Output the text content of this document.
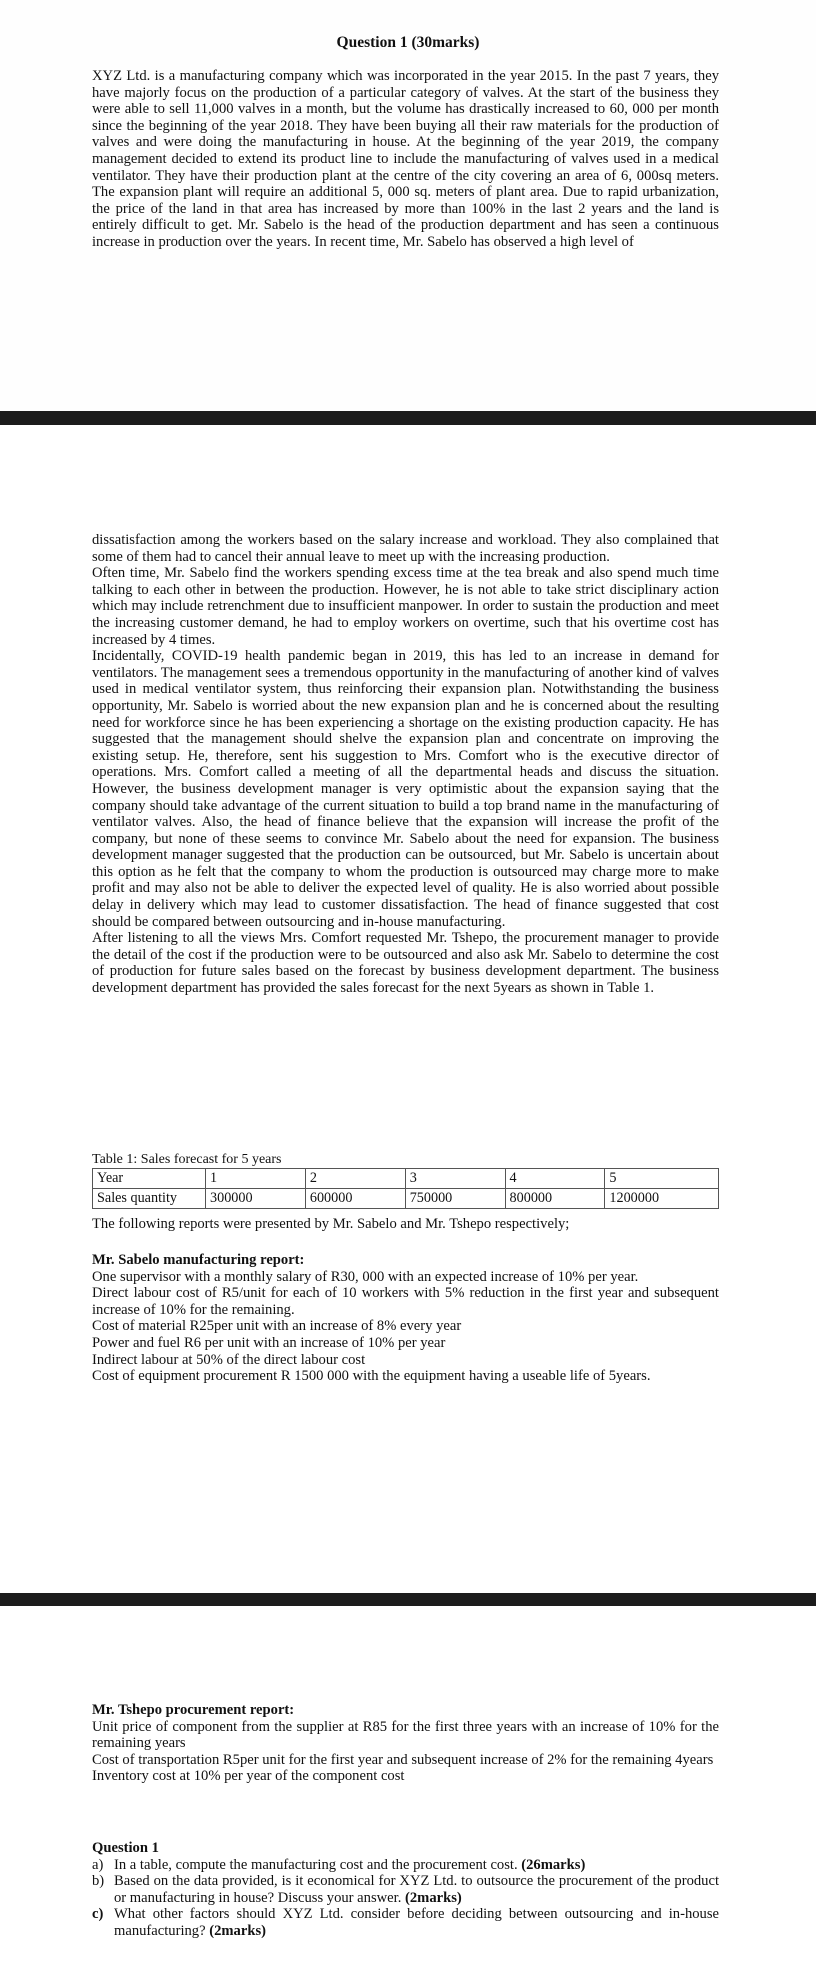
Question 1 (30marks)

XYZ Ltd. is a manufacturing company which was incorporated in the year 2015. In the past 7 years, they have majorly focus on the production of a particular category of valves. At the start of the business they were able to sell 11,000 valves in a month, but the volume has drastically increased to 60, 000 per month since the beginning of the year 2018. They have been buying all their raw materials for the production of valves and were doing the manufacturing in house. At the beginning of the year 2019, the company management decided to extend its product line to include the manufacturing of valves used in a medical ventilator. They have their production plant at the centre of the city covering an area of 6, 000sq meters. The expansion plant will require an additional 5, 000 sq. meters of plant area. Due to rapid urbanization, the price of the land in that area has increased by more than 100% in the last 2 years and the land is entirely difficult to get. Mr. Sabelo is the head of the production department and has seen a continuous increase in production over the years. In recent time, Mr. Sabelo has observed a high level of

dissatisfaction among the workers based on the salary increase and workload. They also complained that some of them had to cancel their annual leave to meet up with the increasing production.

Often time, Mr. Sabelo find the workers spending excess time at the tea break and also spend much time talking to each other in between the production. However, he is not able to take strict disciplinary action which may include retrenchment due to insufficient manpower. In order to sustain the production and meet the increasing customer demand, he had to employ workers on overtime, such that his overtime cost has increased by 4 times.

Incidentally, COVID-19 health pandemic began in 2019, this has led to an increase in demand for ventilators. The management sees a tremendous opportunity in the manufacturing of another kind of valves used in medical ventilator system, thus reinforcing their expansion plan. Notwithstanding the business opportunity, Mr. Sabelo is worried about the new expansion plan and he is concerned about the resulting need for workforce since he has been experiencing a shortage on the existing production capacity. He has suggested that the management should shelve the expansion plan and concentrate on improving the existing setup. He, therefore, sent his suggestion to Mrs. Comfort who is the executive director of operations. Mrs. Comfort called a meeting of all the departmental heads and discuss the situation. However, the business development manager is very optimistic about the expansion saying that the company should take advantage of the current situation to build a top brand name in the manufacturing of ventilator valves. Also, the head of finance believe that the expansion will increase the profit of the company, but none of these seems to convince Mr. Sabelo about the need for expansion. The business development manager suggested that the production can be outsourced, but Mr. Sabelo is uncertain about this option as he felt that the company to whom the production is outsourced may charge more to make profit and may also not be able to deliver the expected level of quality. He is also worried about possible delay in delivery which may lead to customer dissatisfaction. The head of finance suggested that cost should be compared between outsourcing and in-house manufacturing.

After listening to all the views Mrs. Comfort requested Mr. Tshepo, the procurement manager to provide the detail of the cost if the production were to be outsourced and also ask Mr. Sabelo to determine the cost of production for future sales based on the forecast by business development department. The business development department has provided the sales forecast for the next 5years as shown in Table 1.

Table 1: Sales forecast for 5 years
Year	1	2	3	4	5
Sales quantity	300000	600000	750000	800000	1200000

The following reports were presented by Mr. Sabelo and Mr. Tshepo respectively;

Mr. Sabelo manufacturing report:

One supervisor with a monthly salary of R30, 000 with an expected increase of 10% per year.

Direct labour cost of R5/unit for each of 10 workers with 5% reduction in the first year and subsequent increase of 10% for the remaining.

Cost of material R25per unit with an increase of 8% every year

Power and fuel R6 per unit with an increase of 10% per year

Indirect labour at 50% of the direct labour cost

Cost of equipment procurement R 1500 000 with the equipment having a useable life of 5years.

Mr. Tshepo procurement report:

Unit price of component from the supplier at R85 for the first three years with an increase of 10% for the remaining years

Cost of transportation R5per unit for the first year and subsequent increase of 2% for the remaining 4years

Inventory cost at 10% per year of the component cost

Question 1

a) In a table, compute the manufacturing cost and the procurement cost. (26marks)
b) Based on the data provided, is it economical for XYZ Ltd. to outsource the procurement of the product or manufacturing in house? Discuss your answer. (2marks)
c) What other factors should XYZ Ltd. consider before deciding between outsourcing and in-house manufacturing? (2marks)
